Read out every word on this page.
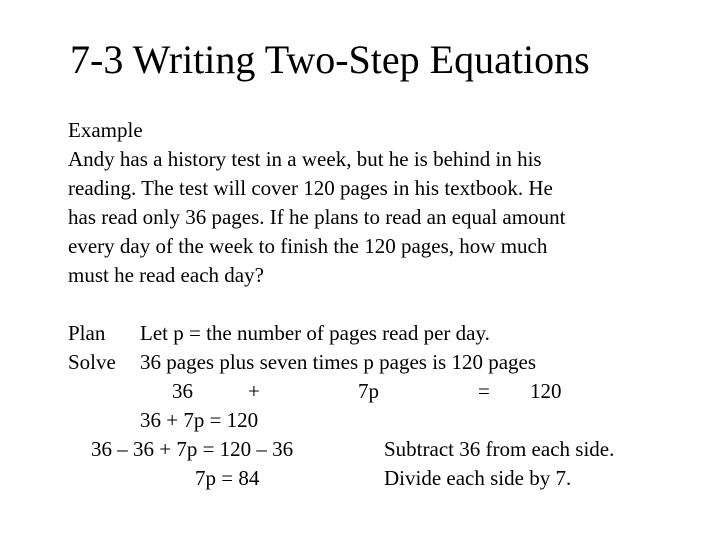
7-3 Writing Two-Step Equations
Example
Andy has a history test in a week, but he is behind in his
reading. The test will cover 120 pages in his textbook. He
has read only 36 pages. If he plans to read an equal amount
every day of the week to finish the 120 pages, how much
must he read each day?
Plan Let p = the number of pages read per day.
Solve 36 pages plus seven times p pages is 120 pages
36	+	7p	= 120
36 + 7p = 120
36 – 36 + 7p = 120 – 36	Subtract 36 from each side.
7p = 84	Divide each side by 7.
